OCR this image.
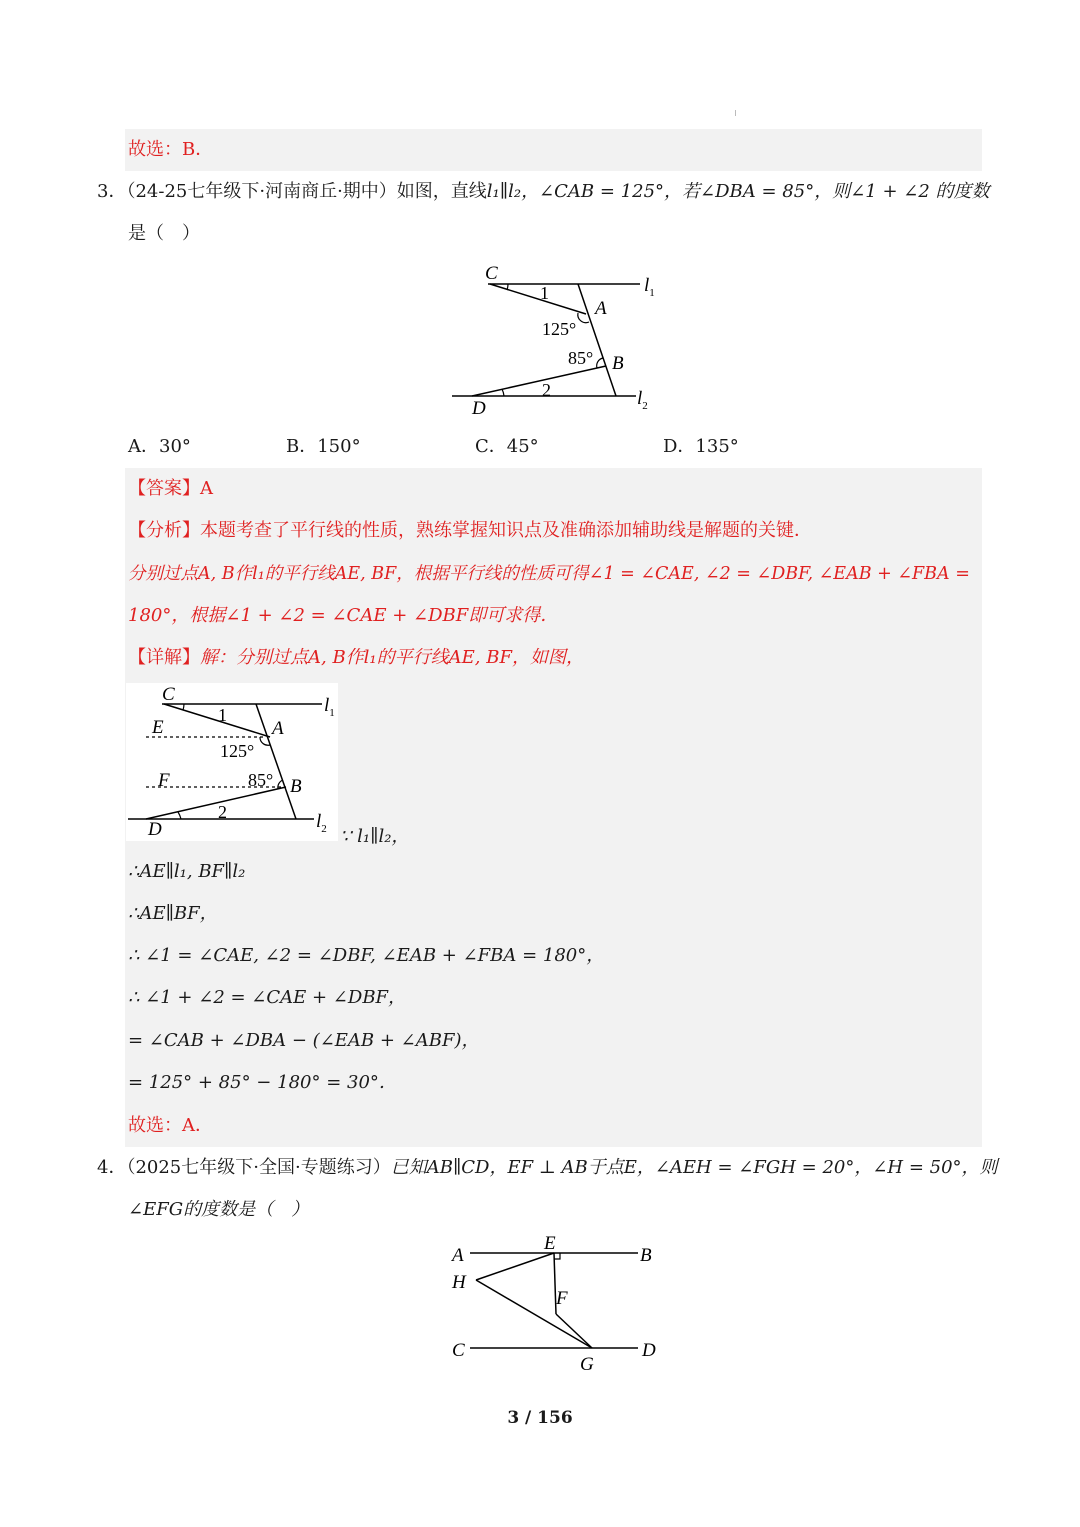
故选：B．
3．（24-25七年级下·河南商丘·期中）如图，直线l₁∥l₂，∠CAB = 125°，若∠DBA = 85°，则∠1 + ∠2 的度数
是（　）
C
$l_1$
1
A
125°
85° B
2
D	$l_2$
A．30°	B．150°	C．45°	D．135°
【答案】A
【分析】本题考查了平行线的性质，熟练掌握知识点及准确添加辅助线是解题的关键．
分别过点A, B作l₁的平行线AE, BF，根据平行线的性质可得∠1 = ∠CAE, ∠2 = ∠DBF, ∠EAB + ∠FBA =
180°，根据∠1 + ∠2 = ∠CAE + ∠DBF即可求得．
【详解】解：分别过点A, B作l₁的平行线AE, BF，如图，
C
$l_1$
1
E	A
125°
F	85° B
2
D	$l_2$ ∵ l₁∥l₂，
∴AE∥l₁, BF∥l₂
∴AE∥BF，
∴ ∠1 = ∠CAE, ∠2 = ∠DBF, ∠EAB + ∠FBA = 180°，
∴ ∠1 + ∠2 = ∠CAE + ∠DBF，
= ∠CAB + ∠DBA − (∠EAB + ∠ABF)，
= 125° + 85° − 180° = 30°．
故选：A．
4．（2025七年级下·全国·专题练习）已知AB∥CD，EF ⊥ AB于点E，∠AEH = ∠FGH = 20°，∠H = 50°，则
∠EFG的度数是（　）
A
E
B
H
F
C
G
D
3 / 156
